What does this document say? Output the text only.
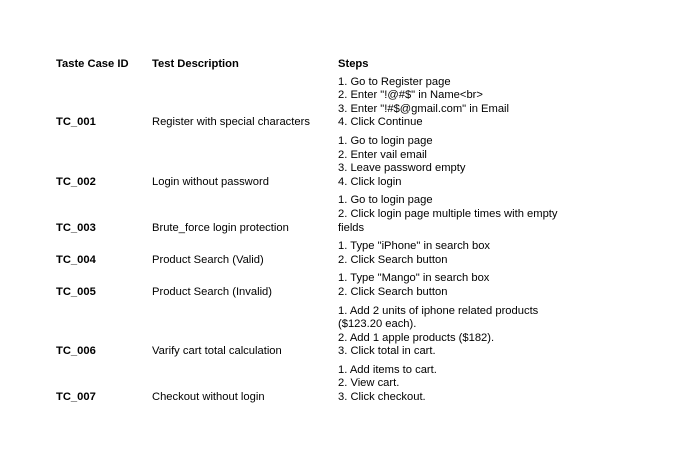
Taste Case ID	Test Description	Steps
TC_001	Register with special characters	1. Go to Register page
2. Enter "!@#$" in Name<br>
3. Enter "!#$@gmail.com" in Email
4. Click Continue

TC_002	Login without password	1. Go to login page
2. Enter vail email
3. Leave password empty
4. Click login

TC_003	Brute_force login protection	1. Go to login page
2. Click login page multiple times with empty
fields

TC_004	Product Search (Valid)	1. Type "iPhone" in search box
2. Click Search button

TC_005	Product Search (Invalid)	1. Type "Mango" in search box
2. Click Search button

TC_006	Varify cart total calculation	1. Add 2 units of iphone related products
($123.20 each).
2. Add 1 apple products ($182).
3. Click total in cart.

TC_007	Checkout without login	1. Add items to cart.
2. View cart.
3. Click checkout.
